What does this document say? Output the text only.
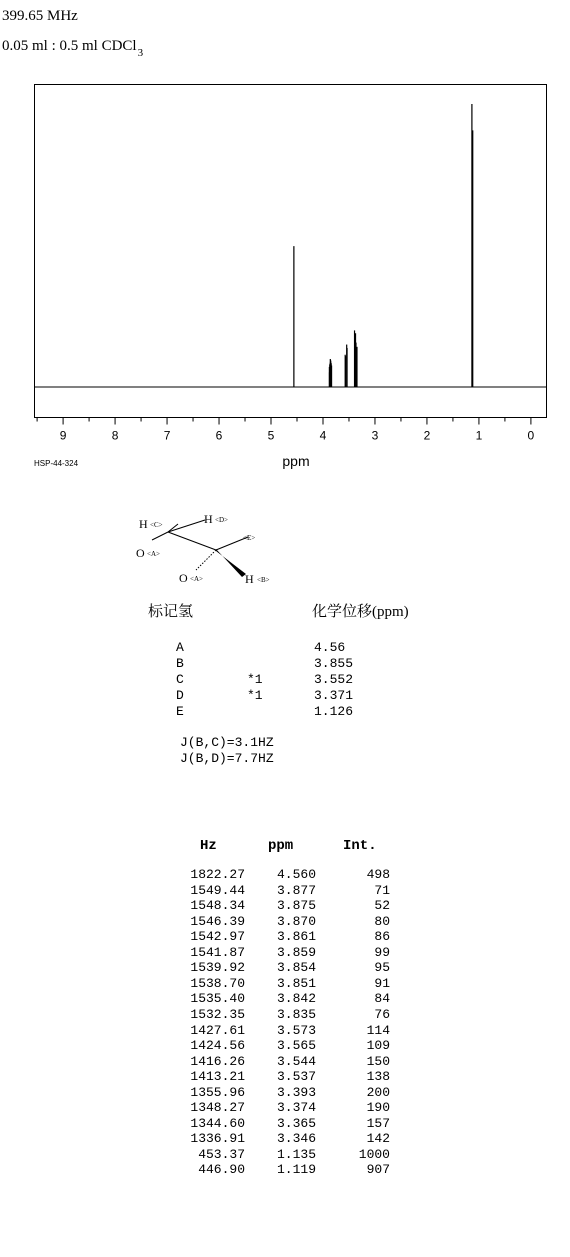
399.65 MHz
0.05 ml : 0.5 ml CDCl$_3$
9	8	7	6	5	4	3	2	1	0
ppm
HSP-44-324
H <C>	H <D>
<E>
O <A>
O <A>	H <B>
标记氢	化学位移(ppm)
A	4.56
B	3.855
C	*1	3.552
D	*1	3.371
E	1.126
J(B,C)=3.1HZ
J(B,D)=7.7HZ
Hz	ppm	Int.
1822.27 4.560	498
1549.44 3.877	71
1548.34 3.875	52
1546.39 3.870	80
1542.97 3.861	86
1541.87 3.859	99
1539.92 3.854	95
1538.70 3.851	91
1535.40 3.842	84
1532.35 3.835	76
1427.61 3.573	114
1424.56 3.565	109
1416.26 3.544	150
1413.21 3.537	138
1355.96 3.393	200
1348.27 3.374	190
1344.60 3.365	157
1336.91 3.346	142
453.37 1.135	1000
446.90 1.119	907
